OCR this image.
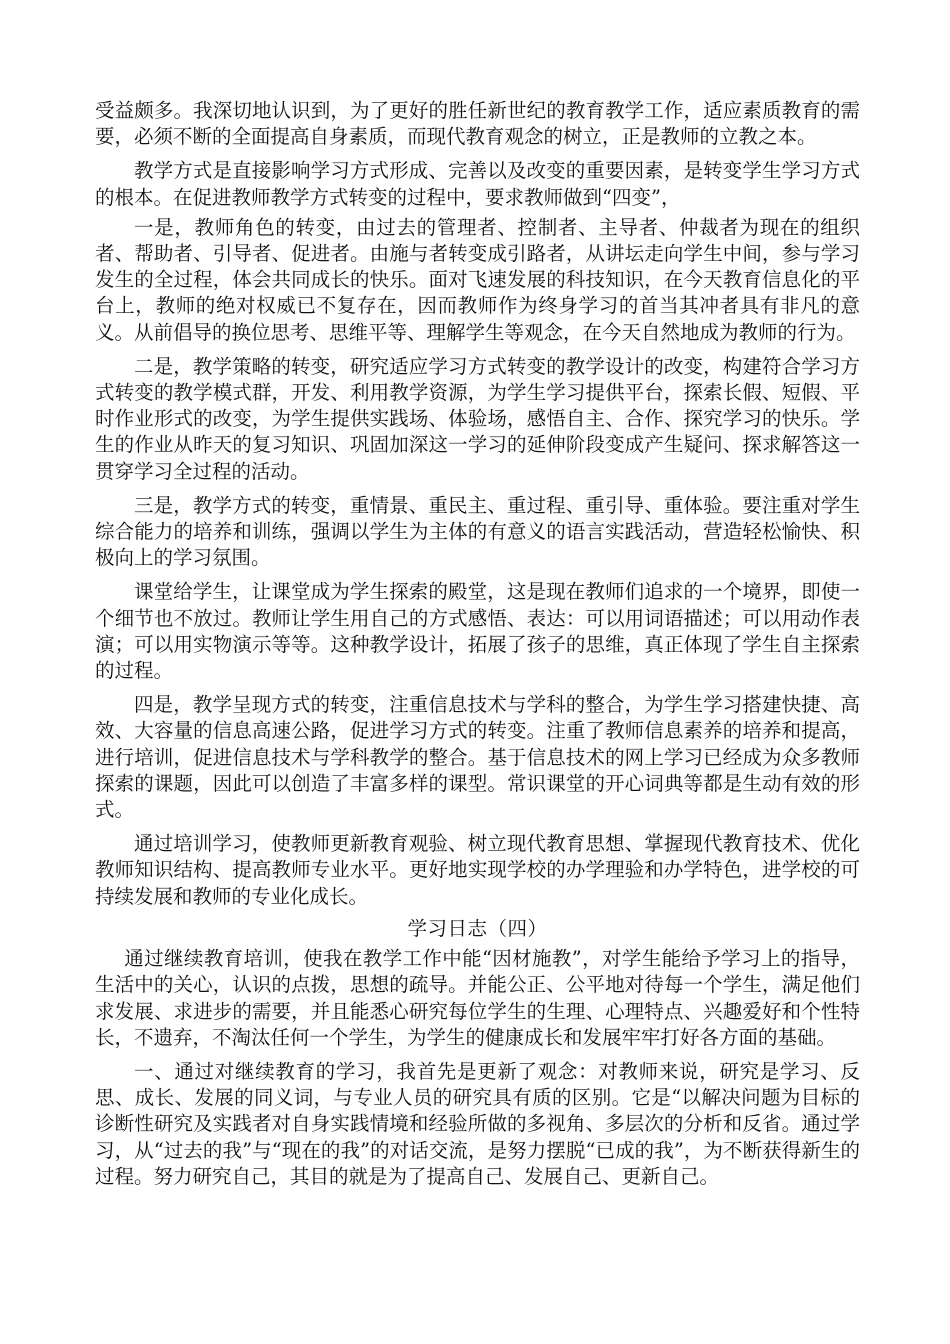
受益颇多。我深切地认识到，为了更好的胜任新世纪的教育教学工作，适应素质教育的需要，必须不断的全面提高自身素质，而现代教育观念的树立，正是教师的立教之本。

教学方式是直接影响学习方式形成、完善以及改变的重要因素，是转变学生学习方式的根本。在促进教师教学方式转变的过程中，要求教师做到“四变”，

一是，教师角色的转变，由过去的管理者、控制者、主导者、仲裁者为现在的组织者、帮助者、引导者、促进者。由施与者转变成引路者，从讲坛走向学生中间，参与学习发生的全过程，体会共同成长的快乐。面对飞速发展的科技知识，在今天教育信息化的平台上，教师的绝对权威已不复存在，因而教师作为终身学习的首当其冲者具有非凡的意义。从前倡导的换位思考、思维平等、理解学生等观念，在今天自然地成为教师的行为。

二是，教学策略的转变，研究适应学习方式转变的教学设计的改变，构建符合学习方式转变的教学模式群，开发、利用教学资源，为学生学习提供平台，探索长假、短假、平时作业形式的改变，为学生提供实践场、体验场，感悟自主、合作、探究学习的快乐。学生的作业从昨天的复习知识、巩固加深这一学习的延伸阶段变成产生疑问、探求解答这一贯穿学习全过程的活动。

三是，教学方式的转变，重情景、重民主、重过程、重引导、重体验。要注重对学生综合能力的培养和训练，强调以学生为主体的有意义的语言实践活动，营造轻松愉快、积极向上的学习氛围。

课堂给学生，让课堂成为学生探索的殿堂，这是现在教师们追求的一个境界，即使一个细节也不放过。教师让学生用自己的方式感悟、表达：可以用词语描述；可以用动作表演；可以用实物演示等等。这种教学设计，拓展了孩子的思维，真正体现了学生自主探索的过程。

四是，教学呈现方式的转变，注重信息技术与学科的整合，为学生学习搭建快捷、高效、大容量的信息高速公路，促进学习方式的转变。注重了教师信息素养的培养和提高，进行培训，促进信息技术与学科教学的整合。基于信息技术的网上学习已经成为众多教师探索的课题，因此可以创造了丰富多样的课型。常识课堂的开心词典等都是生动有效的形式。

通过培训学习，使教师更新教育观验、树立现代教育思想、掌握现代教育技术、优化教师知识结构、提高教师专业水平。更好地实现学校的办学理验和办学特色，进学校的可持续发展和教师的专业化成长。

学习日志（四）

通过继续教育培训，使我在教学工作中能“因材施教”，对学生能给予学习上的指导，生活中的关心，认识的点拨，思想的疏导。并能公正、公平地对待每一个学生，满足他们求发展、求进步的需要，并且能悉心研究每位学生的生理、心理特点、兴趣爱好和个性特长，不遗弃，不淘汰任何一个学生，为学生的健康成长和发展牢牢打好各方面的基础。

一、通过对继续教育的学习，我首先是更新了观念：对教师来说，研究是学习、反思、成长、发展的同义词，与专业人员的研究具有质的区别。它是“以解决问题为目标的诊断性研究及实践者对自身实践情境和经验所做的多视角、多层次的分析和反省。通过学习，从“过去的我”与“现在的我”的对话交流，是努力摆脱“已成的我”，为不断获得新生的过程。努力研究自己，其目的就是为了提高自己、发展自己、更新自己。
